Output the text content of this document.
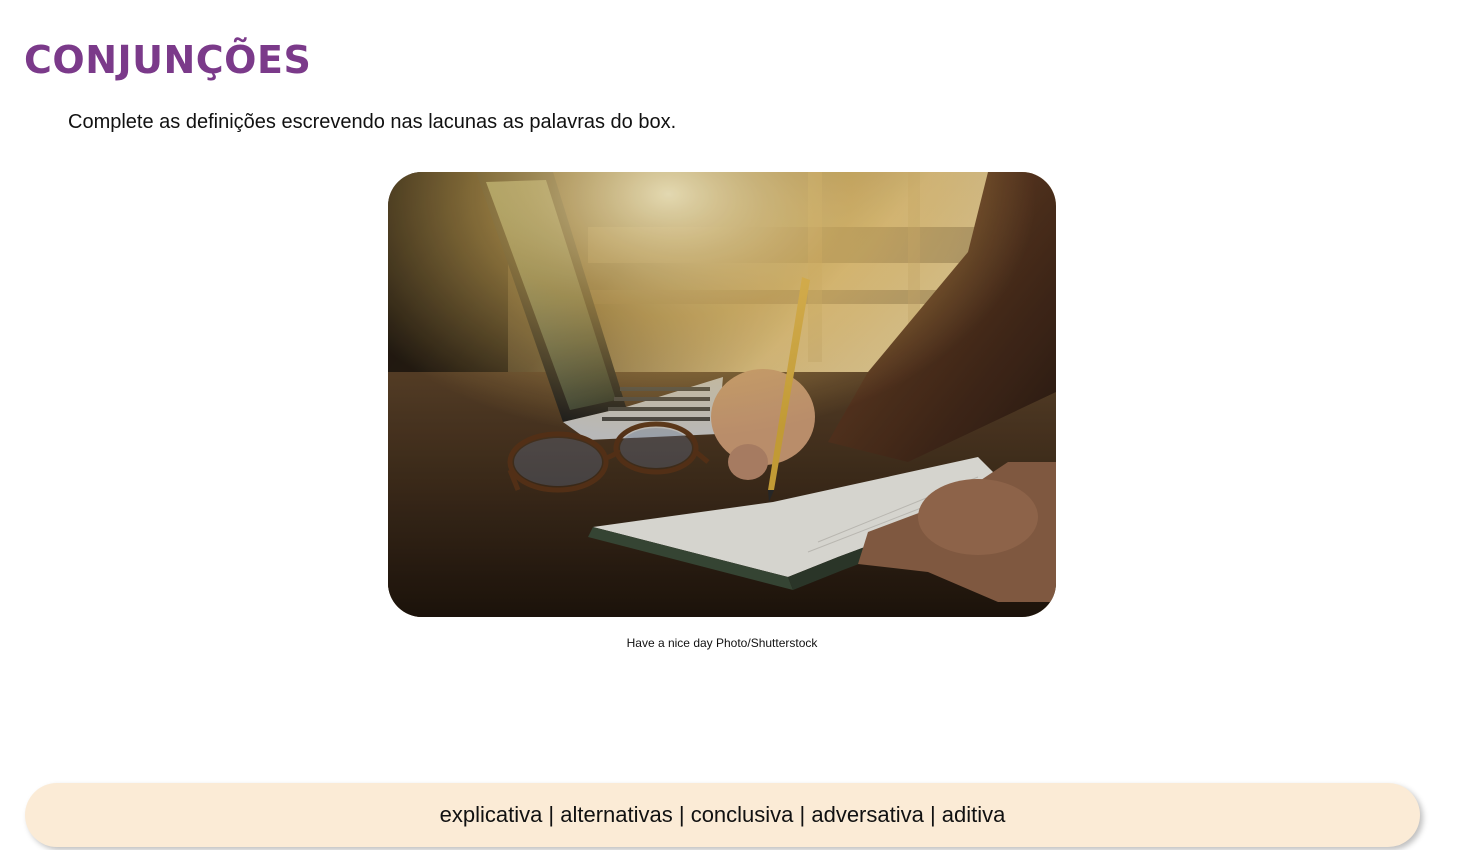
CONJUNÇÕES

Complete as definições escrevendo nas lacunas as palavras do box.

Have a nice day Photo/Shutterstock
explicativa | alternativas | conclusiva | adversativa | aditiva
